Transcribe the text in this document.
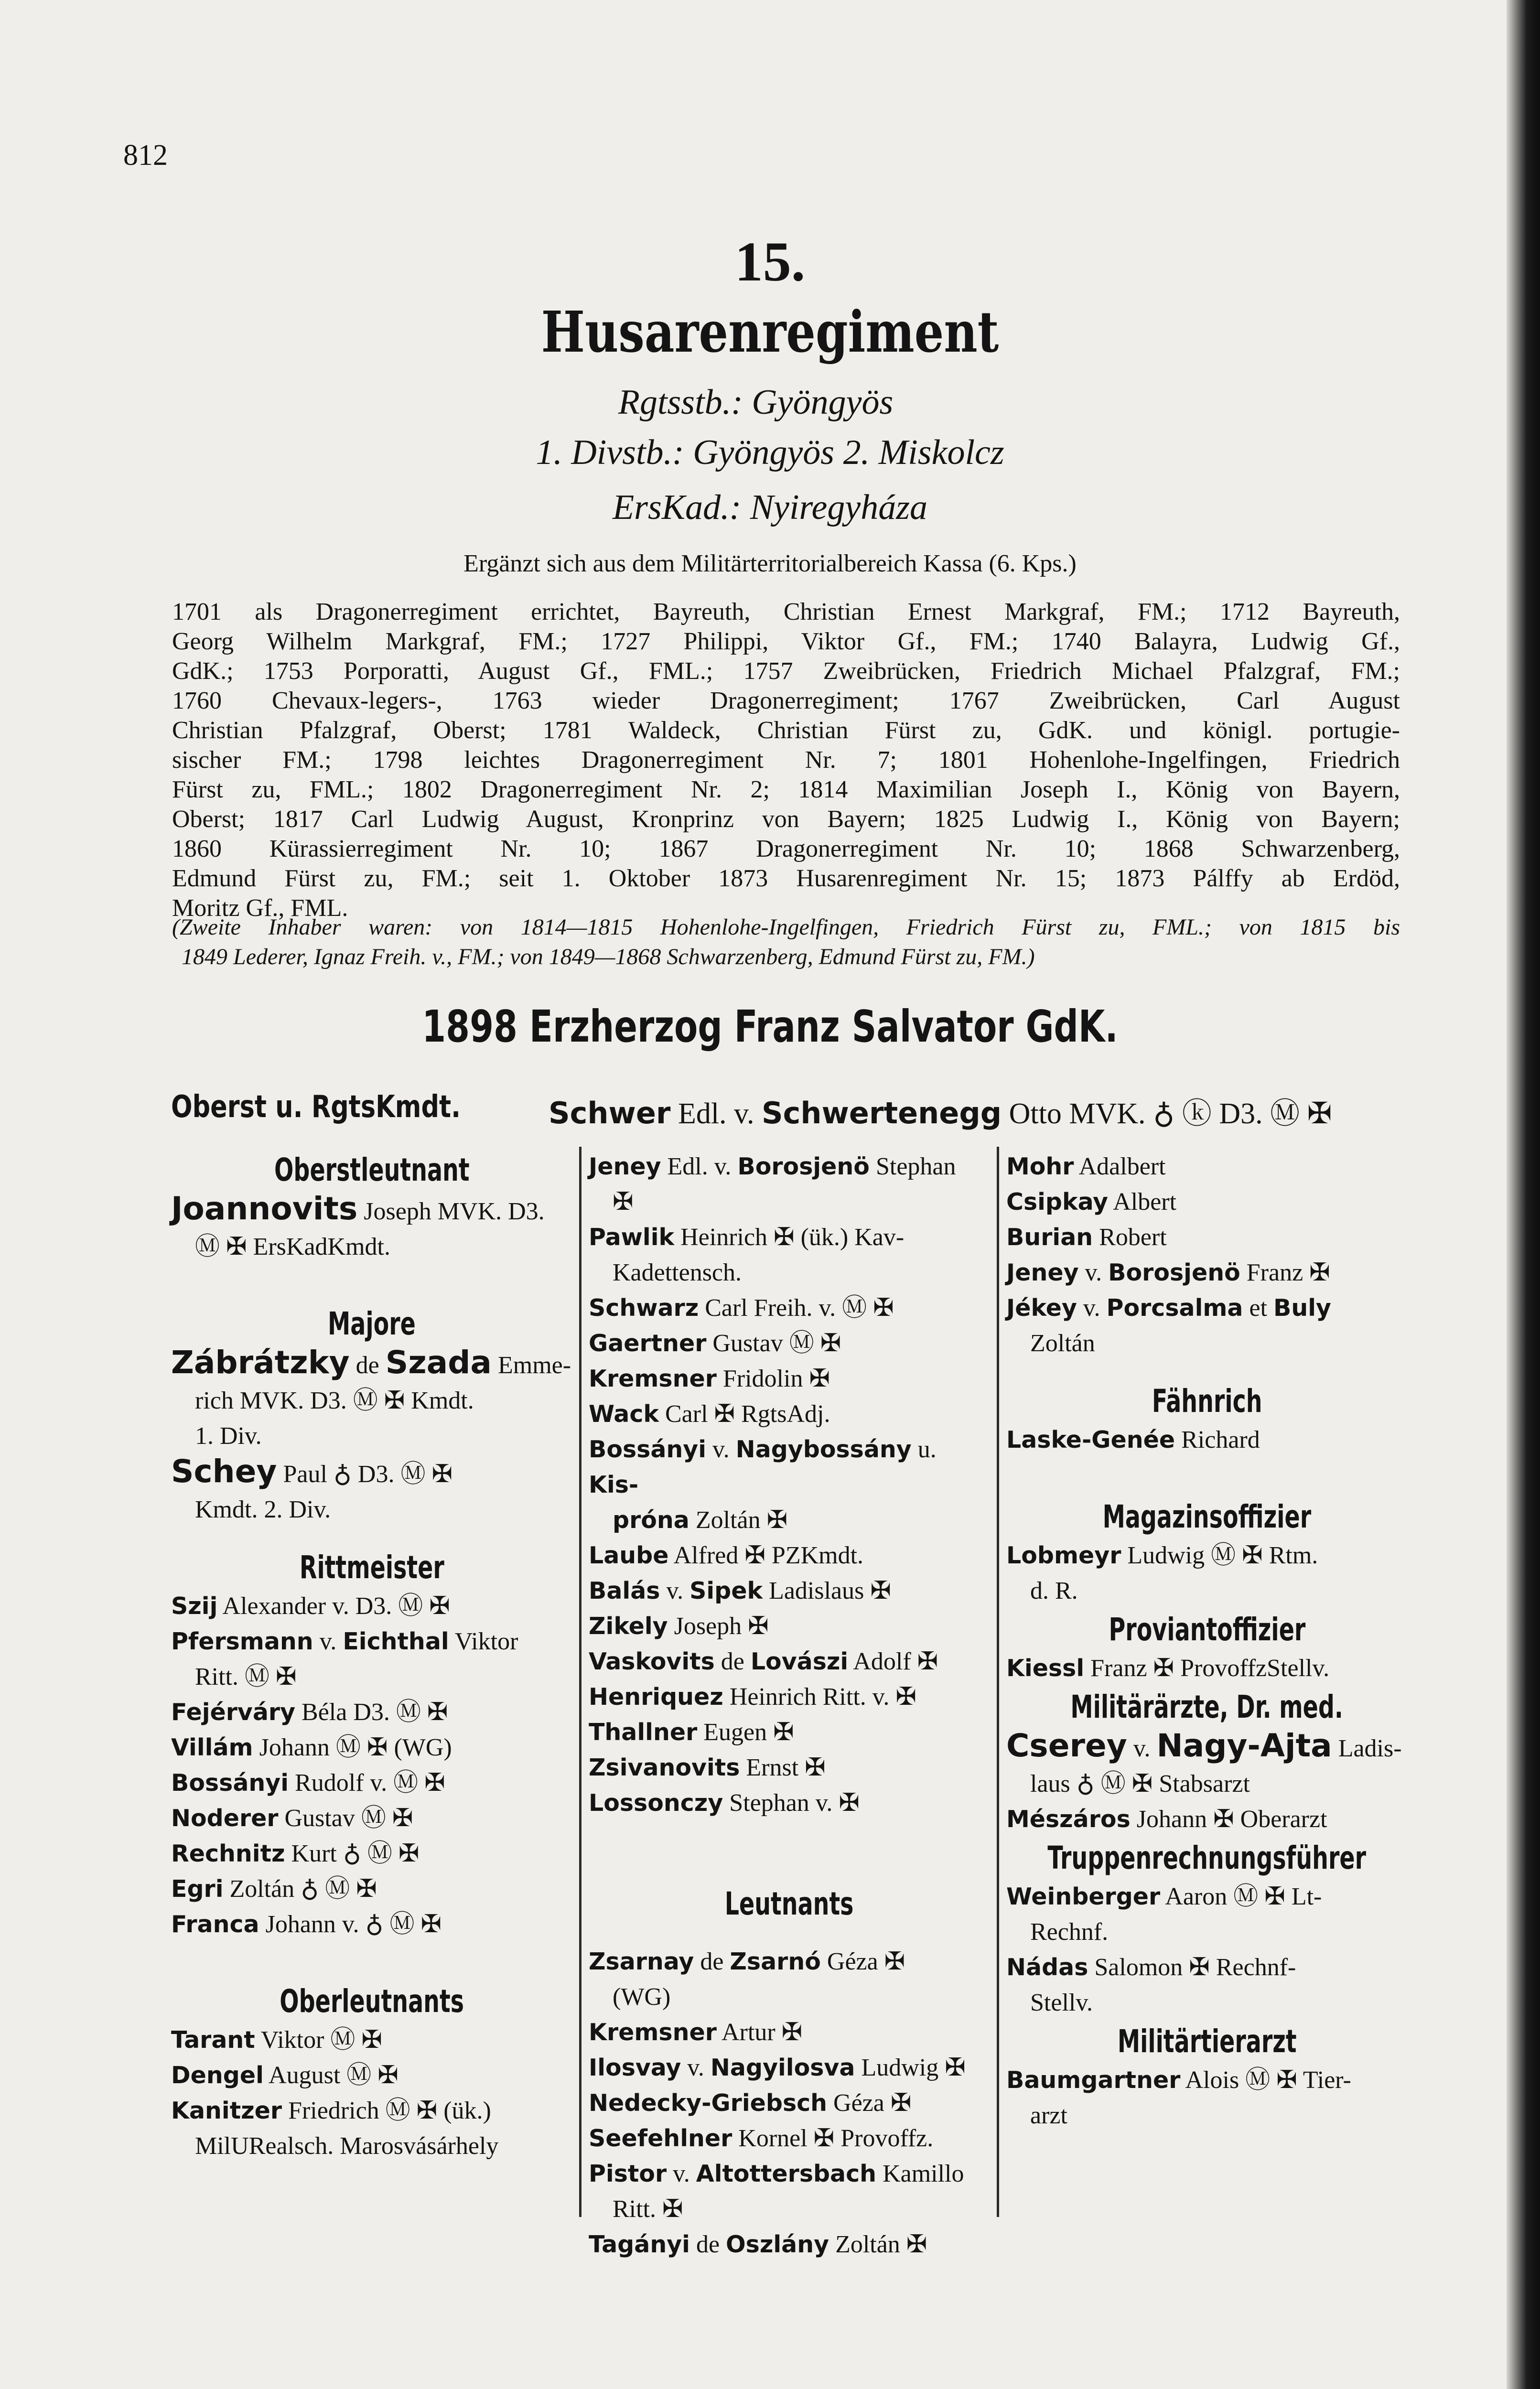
812
15.
Husarenregiment
Rgtsstb.: Gyöngyös
1. Divstb.: Gyöngyös 2. Miskolcz
ErsKad.: Nyiregyháza
Ergänzt sich aus dem Militärterritorialbereich Kassa (6. Kps.)
1701 als Dragonerregiment errichtet, Bayreuth, Christian Ernest Markgraf, FM.; 1712 Bayreuth,
Georg Wilhelm Markgraf, FM.; 1727 Philippi, Viktor Gf., FM.; 1740 Balayra, Ludwig Gf.,
GdK.; 1753 Porporatti, August Gf., FML.; 1757 Zweibrücken, Friedrich Michael Pfalzgraf, FM.;
1760 Chevaux-legers-, 1763 wieder Dragonerregiment; 1767 Zweibrücken, Carl August
Christian Pfalzgraf, Oberst; 1781 Waldeck, Christian Fürst zu, GdK. und königl. portugie-
sischer FM.; 1798 leichtes Dragonerregiment Nr. 7; 1801 Hohenlohe-Ingelfingen, Friedrich
Fürst zu, FML.; 1802 Dragonerregiment Nr. 2; 1814 Maximilian Joseph I., König von Bayern,
Oberst; 1817 Carl Ludwig August, Kronprinz von Bayern; 1825 Ludwig I., König von Bayern;
1860 Kürassierregiment Nr. 10; 1867 Dragonerregiment Nr. 10; 1868 Schwarzenberg,
Edmund Fürst zu, FM.; seit 1. Oktober 1873 Husarenregiment Nr. 15; 1873 Pálffy ab Erdöd,
Moritz Gf., FML.
(Zweite Inhaber waren: von 1814—1815 Hohenlohe-Ingelfingen, Friedrich Fürst zu, FML.; von 1815 bis
1849 Lederer, Ignaz Freih. v., FM.; von 1849—1868 Schwarzenberg, Edmund Fürst zu, FM.)
1898 Erzherzog Franz Salvator GdK.
Oberst u. RgtsKmdt.	Schwer Edl. v. Schwertenegg Otto MVK. ♁ ⓚ D3. Ⓜ ✠

Oberstleutnant

Joannovits Joseph MVK. D3.
Ⓜ ✠ ErsKadKmdt.

Majore

Zábrátzky de Szada Emme-
rich MVK. D3. Ⓜ ✠ Kmdt.
1. Div.

Schey Paul ♁ D3. Ⓜ ✠
Kmdt. 2. Div.

Rittmeister

Szij Alexander v. D3. Ⓜ ✠

Pfersmann v. Eichthal Viktor
Ritt. Ⓜ ✠

Fejérváry Béla D3. Ⓜ ✠

Villám Johann Ⓜ ✠ (WG)

Bossányi Rudolf v. Ⓜ ✠

Noderer Gustav Ⓜ ✠

Rechnitz Kurt ♁ Ⓜ ✠

Egri Zoltán ♁ Ⓜ ✠

Franca Johann v. ♁ Ⓜ ✠

Oberleutnants

Tarant Viktor Ⓜ ✠

Dengel August Ⓜ ✠

Kanitzer Friedrich Ⓜ ✠ (ük.)
MilURealsch. Marosvásárhely

Jeney Edl. v. Borosjenö Stephan
✠

Pawlik Heinrich ✠ (ük.) Kav-
Kadettensch.

Schwarz Carl Freih. v. Ⓜ ✠

Gaertner Gustav Ⓜ ✠

Kremsner Fridolin ✠

Wack Carl ✠ RgtsAdj.

Bossányi v. Nagybossány u. Kis-
próna Zoltán ✠

Laube Alfred ✠ PZKmdt.

Balás v. Sipek Ladislaus ✠

Zikely Joseph ✠

Vaskovits de Lovászi Adolf ✠

Henriquez Heinrich Ritt. v. ✠

Thallner Eugen ✠

Zsivanovits Ernst ✠

Lossonczy Stephan v. ✠

Leutnants

Zsarnay de Zsarnó Géza ✠
(WG)

Kremsner Artur ✠

Ilosvay v. Nagyilosva Ludwig ✠

Nedecky-Griebsch Géza ✠

Seefehlner Kornel ✠ Provoffz.

Pistor v. Altottersbach Kamillo
Ritt. ✠

Tagányi de Oszlány Zoltán ✠

Mohr Adalbert

Csipkay Albert

Burian Robert

Jeney v. Borosjenö Franz ✠

Jékey v. Porcsalma et Buly
Zoltán

Fähnrich

Laske-Genée Richard

Magazinsoffizier

Lobmeyr Ludwig Ⓜ ✠ Rtm.
d. R.

Proviantoffizier

Kiessl Franz ✠ ProvoffzStellv.

Militärärzte, Dr. med.

Cserey v. Nagy-Ajta Ladis-
laus ♁ Ⓜ ✠ Stabsarzt

Mészáros Johann ✠ Oberarzt

Truppenrechnungsführer

Weinberger Aaron Ⓜ ✠ Lt-
Rechnf.

Nádas Salomon ✠ Rechnf-
Stellv.

Militärtierarzt

Baumgartner Alois Ⓜ ✠ Tier-
arzt
